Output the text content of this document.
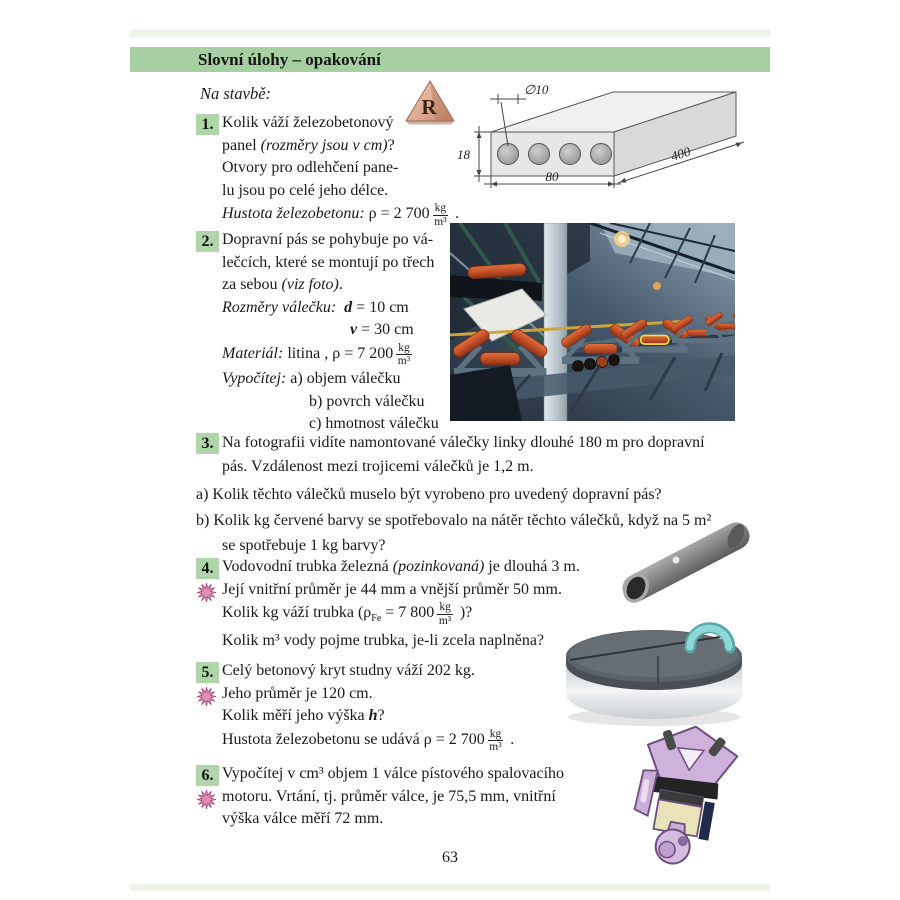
Slovní úlohy – opakování
Na stavbě:
R
∅10
18
80
400
1. Kolik váží železobetonový
panel (rozměry jsou v cm)?
Otvory pro odlehčení pane-
lu jsou po celé jeho délce.
Hustota železobetonu: ρ = 2 $700 \frac{kg}{\text{m³}}$ .
2. Dopravní pás se pohybuje po vá-
lečcích, které se montují po třech
za sebou (viz foto).
Rozměry válečku: d = 10 cm
v = 30 cm
Materiál: litina , ρ = 7 $200 \frac{kg}{\text{m³}}$
Vypočítej: a) objem válečku
b) povrch válečku
c) hmotnost válečku
3. Na fotografii vidíte namontované válečky linky dlouhé 180 m pro dopravní
pás. Vzdálenost mezi trojicemi válečků je 1,2 m.
a) Kolik těchto válečků muselo být vyrobeno pro uvedený dopravní pás?
b) Kolik kg červené barvy se spotřebovalo na nátěr těchto válečků, když na 5 m²
se spotřebuje 1 kg barvy?
4. Vodovodní trubka železná (pozinkovaná) je dlouhá 3 m.
Její vnitřní průměr je 44 mm a vnější průměr 50 mm.
Kolik kg váží trubka ($\rho_{Fe} = 7$ $800 \frac{kg}{\text{m³}}$ )?
Kolik m³ vody pojme trubka, je-li zcela naplněna?
5. Celý betonový kryt studny váží 202 kg.
Jeho průměr je 120 cm.
Kolik měří jeho výška h?
Hustota železobetonu se udává ρ = 2 $700 \frac{kg}{\text{m³}}$ .
6. Vypočítej v cm³ objem 1 válce pístového spalovacího
motoru. Vrtání, tj. průměr válce, je 75,5 mm, vnitřní
výška válce měří 72 mm.
63
